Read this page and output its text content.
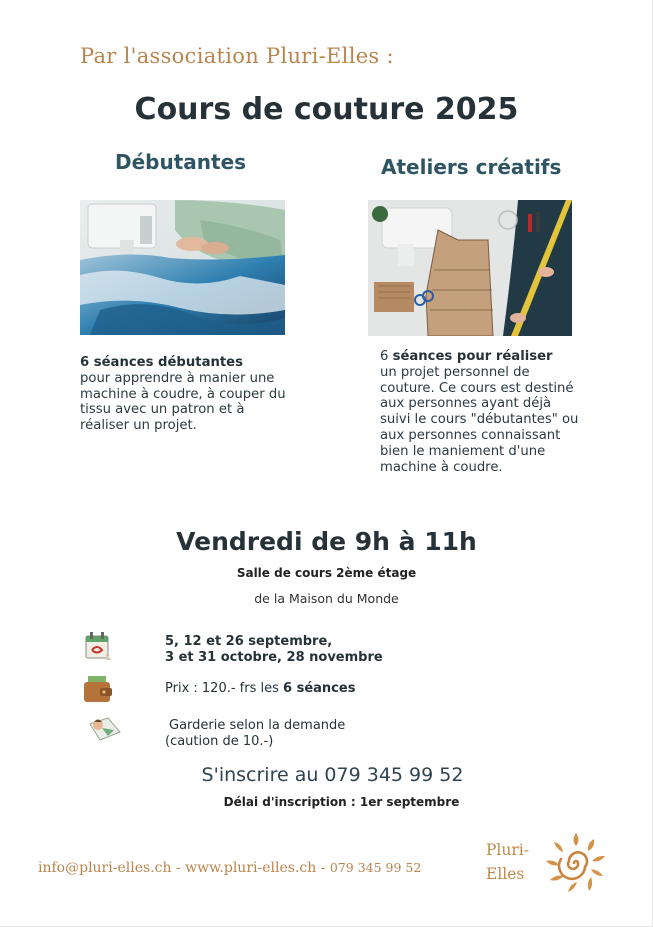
Par l'association Pluri-Elles :
Cours de couture 2025
Débutantes	Ateliers créatifs
6 séances débutantes
pour apprendre à manier une machine à coudre, à couper du tissu avec un patron et à réaliser un projet.
6 séances pour réaliser
un projet personnel de couture. Ce cours est destiné aux personnes ayant déjà suivi le cours "débutantes" ou aux personnes connaissant bien le maniement d'une machine à coudre.
Vendredi de 9h à 11h
Salle de cours 2ème étage
de la Maison du Monde
5, 12 et 26 septembre,
3 et 31 octobre, 28 novembre
Prix : 120.- frs les 6 séances
Garderie selon la demande
(caution de 10.-)
S'inscrire au 079 345 99 52
Délai d'inscription : 1er septembre
info@pluri-elles.ch - www.pluri-elles.ch - 079 345 99 52
Pluri-
Elles
